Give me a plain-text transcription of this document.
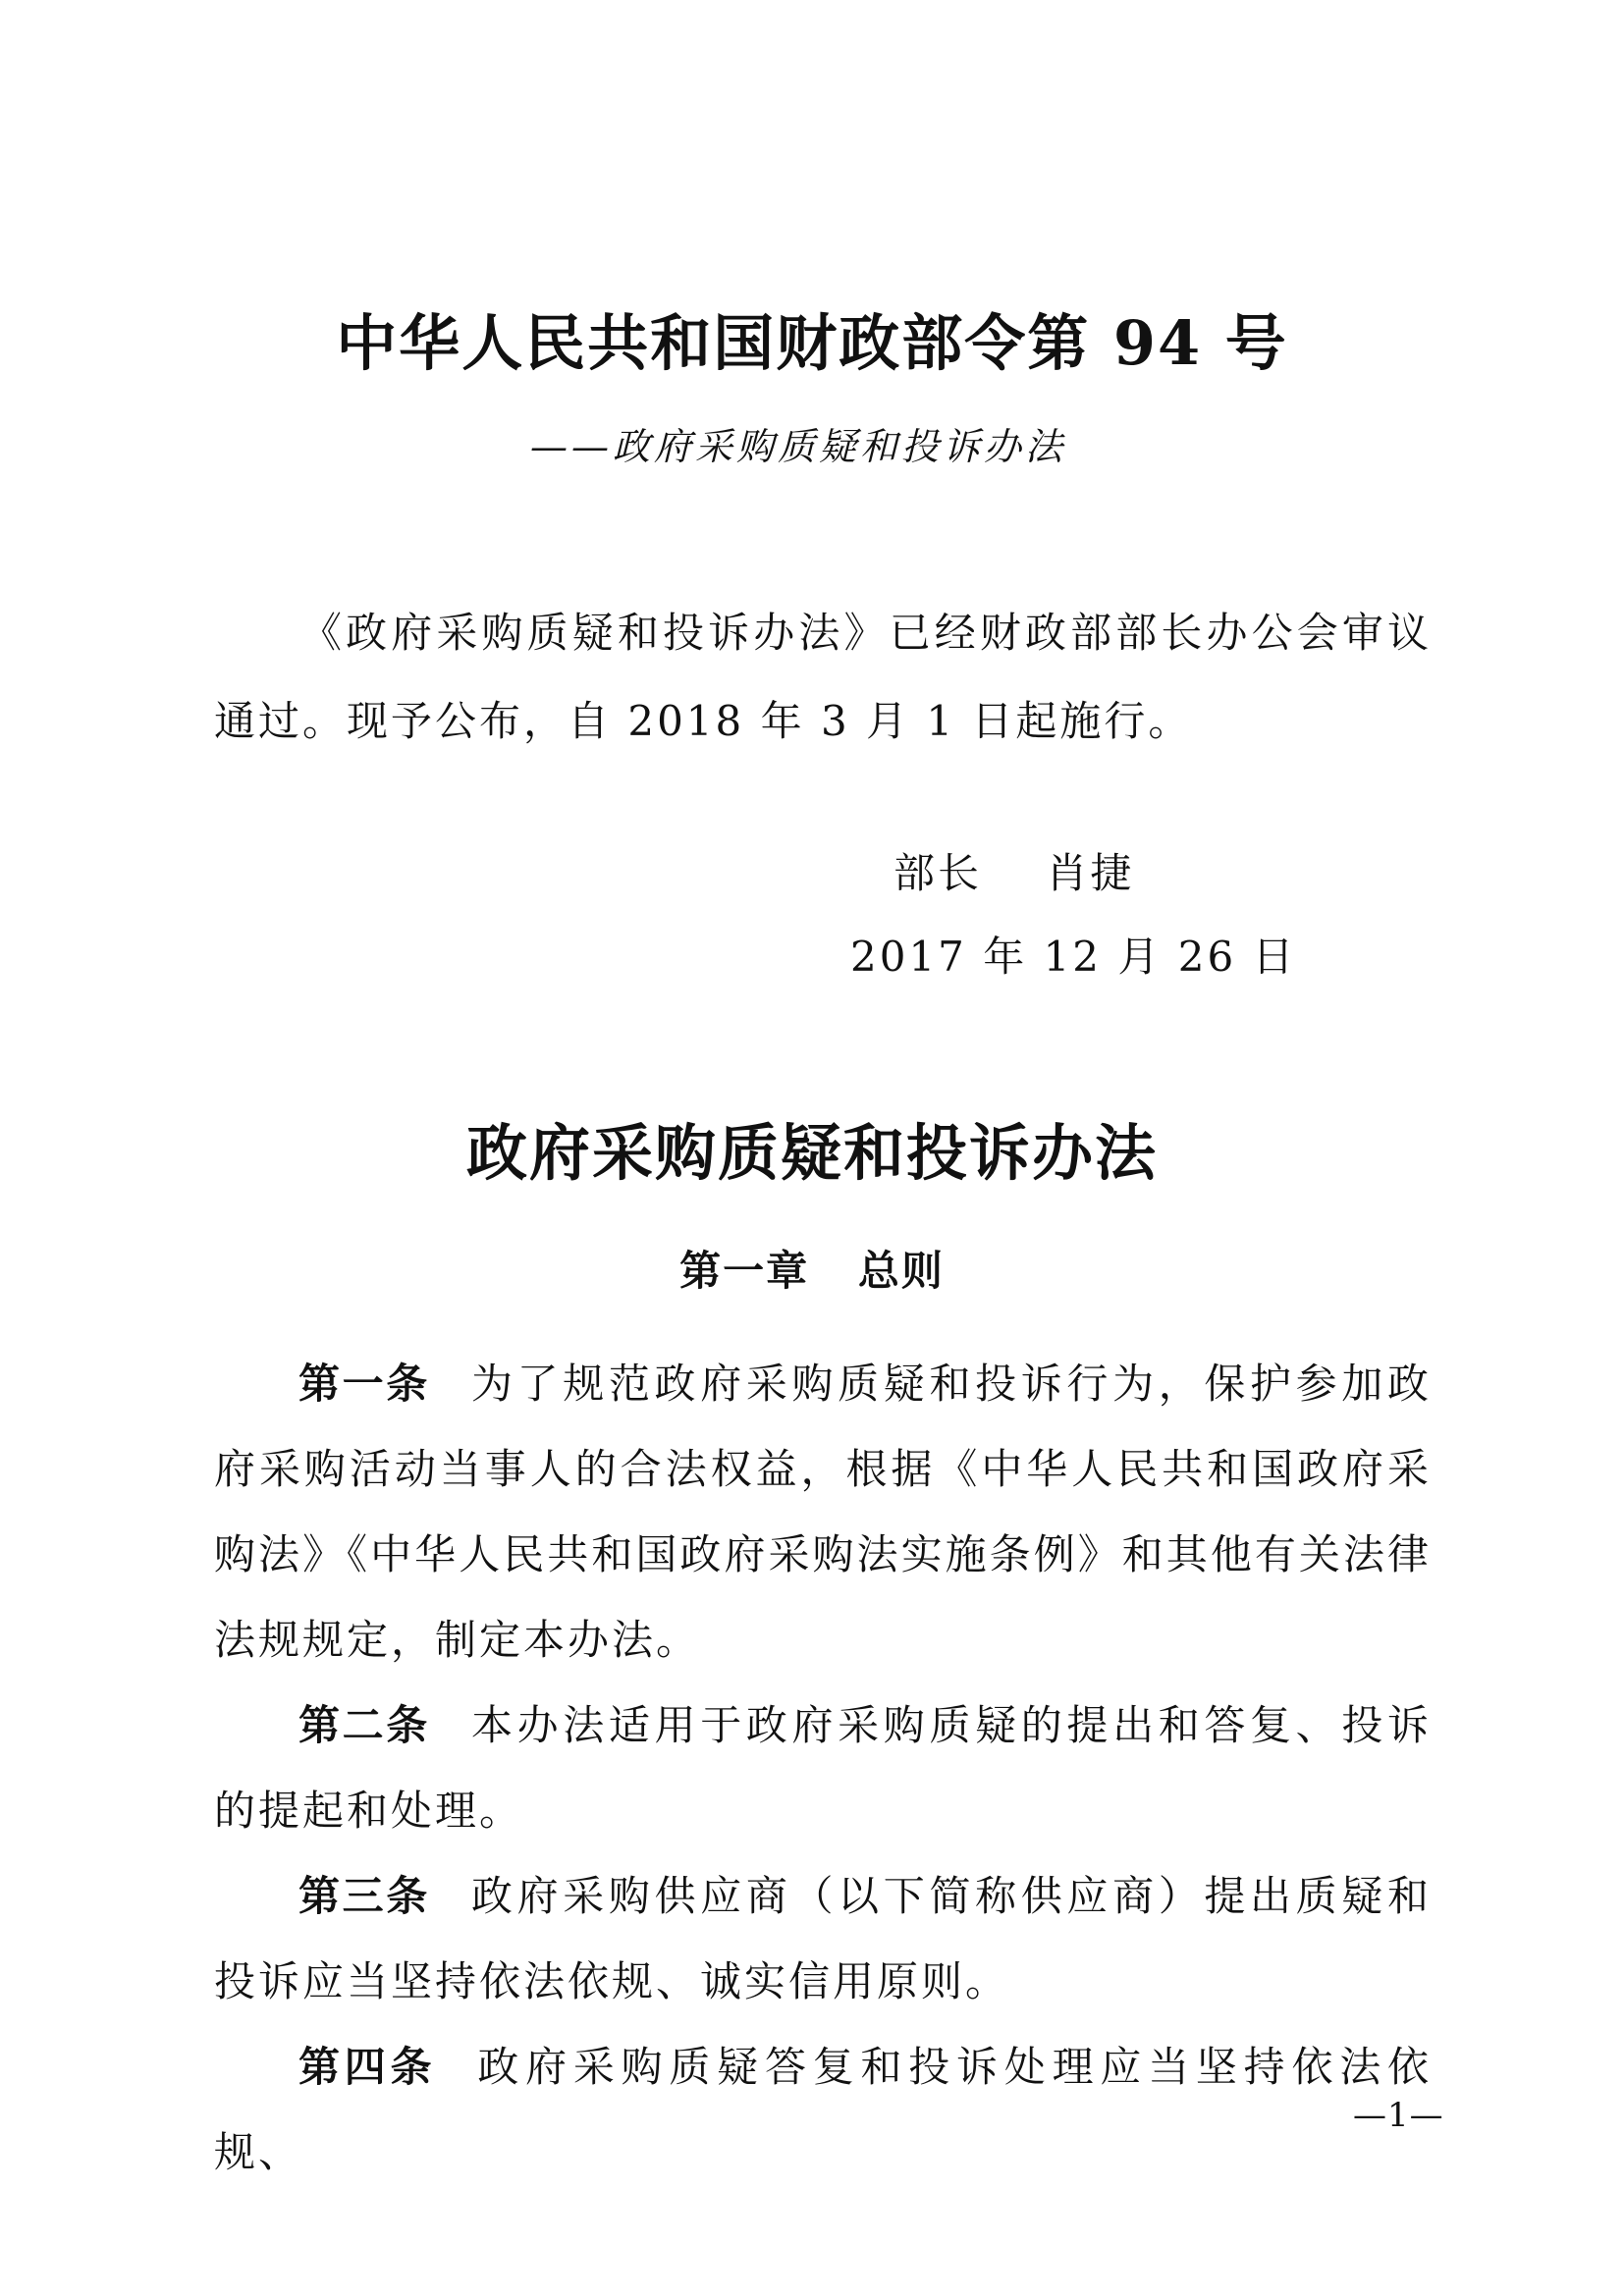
中华人民共和国财政部令第 94 号
——政府采购质疑和投诉办法

《政府采购质疑和投诉办法》已经财政部部长办公会审议通过。现予公布，自 2018 年 3 月 1 日起施行。

部长    肖捷
2017 年 12 月 26 日
政府采购质疑和投诉办法
第一章   总则

第一条 为了规范政府采购质疑和投诉行为，保护参加政府采购活动当事人的合法权益，根据《中华人民共和国政府采购法》《中华人民共和国政府采购法实施条例》和其他有关法律法规规定，制定本办法。

第二条 本办法适用于政府采购质疑的提出和答复、投诉的提起和处理。

第三条 政府采购供应商（以下简称供应商）提出质疑和投诉应当坚持依法依规、诚实信用原则。

第四条 政府采购质疑答复和投诉处理应当坚持依法依规、

—1—
